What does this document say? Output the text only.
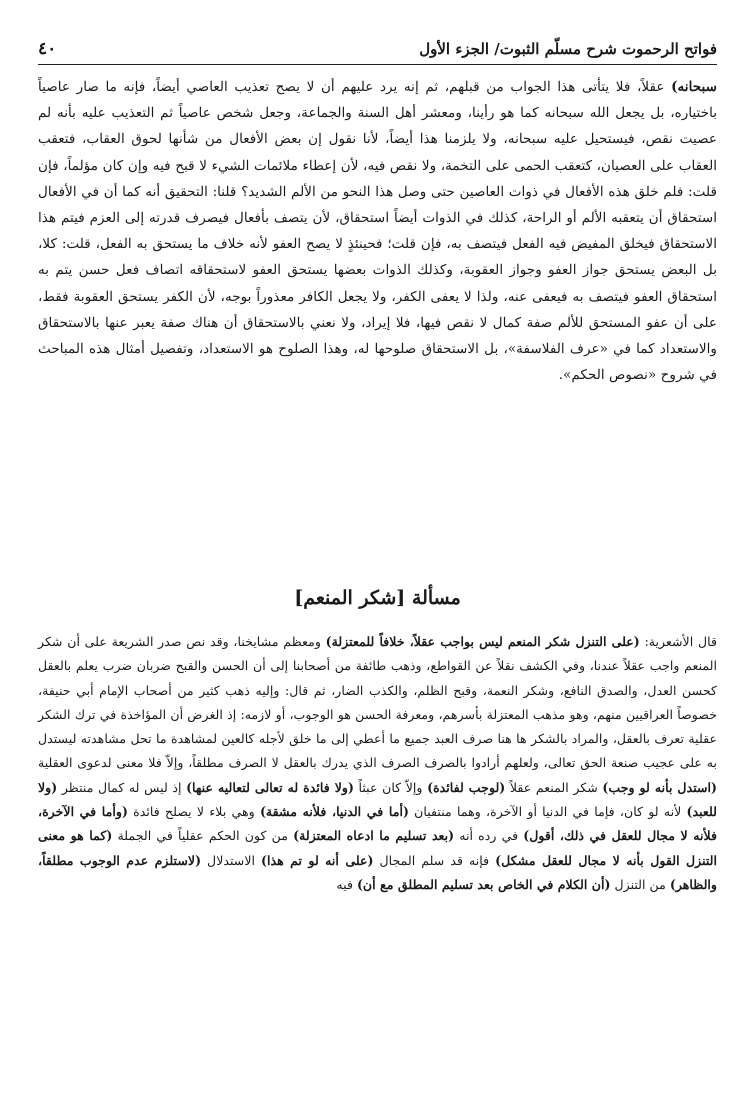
فواتح الرحموت شرح مسلّم الثبوت/ الجزء الأول
٤٠

سبحانه) عقلاً، فلا يتأتى هذا الجواب من قبلهم، ثم إنه يرد عليهم أن لا يصح تعذيب العاصي أيضاً، فإنه ما صار عاصياً باختياره، بل يجعل الله سبحانه كما هو رأينا، ومعشر أهل السنة والجماعة، وجعل شخص عاصياً ثم التعذيب عليه بأنه لم عصيت نقص، فيستحيل عليه سبحانه، ولا يلزمنا هذا أيضاً، لأنا نقول إن بعض الأفعال من شأنها لحوق العقاب، فتعقب العقاب على العصيان، كتعقب الحمى على التخمة، ولا نقص فيه، لأن إعطاء ملائمات الشيء لا قبح فيه وإن كان مؤلماً، فإن قلت: فلم خلق هذه الأفعال في ذوات العاصين حتى وصل هذا النحو من الألم الشديد؟ قلنا: التحقيق أنه كما أن في الأفعال استحقاق أن يتعقبه الألم أو الراحة، كذلك في الذوات أيضاً استحقاق، لأن يتصف بأفعال فيصرف قدرته إلى العزم فيتم هذا الاستحقاق فيخلق المفيض فيه الفعل فيتصف به، فإن قلت؛ فحينئذٍ لا يصح العفو لأنه خلاف ما يستحق به الفعل، قلت: كلا، بل البعض يستحق جواز العفو وجواز العقوبة، وكذلك الذوات بعضها يستحق العفو لاستحقاقه اتصاف فعل حسن يتم به استحقاق العفو فيتصف به فيعفى عنه، ولذا لا يعفى الكفر، ولا يجعل الكافر معذوراً بوجه، لأن الكفر يستحق العقوبة فقط، على أن عفو المستحق للألم صفة كمال لا نقص فيها، فلا إيراد، ولا نعني بالاستحقاق أن هناك صفة يعبر عنها بالاستحقاق والاستعداد كما في «عرف الفلاسفة»، بل الاستحقاق صلوحها له، وهذا الصلوح هو الاستعداد، وتفصيل أمثال هذه المباحث في شروح «نصوص الحكم».

مسألة [شكر المنعم]

قال الأشعرية: (على التنزل شكر المنعم ليس بواجب عقلاً، خلافاً للمعتزلة) ومعظم مشايخنا، وقد نص صدر الشريعة على أن شكر المنعم واجب عقلاً عندنا، وفي الكشف نقلاً عن القواطع، وذهب طائفة من أصحابنا إلى أن الحسن والقبح ضربان ضرب يعلم بالعقل كحسن العدل، والصدق النافع، وشكر النعمة، وقبح الظلم، والكذب الضار، ثم قال: وإليه ذهب كثير من أصحاب الإمام أبي حنيفة، خصوصاً العراقيين منهم، وهو مذهب المعتزلة بأسرهم، ومعرفة الحسن هو الوجوب، أو لازمه: إذ الغرض أن المؤاخذة في ترك الشكر عقلية تعرف بالعقل، والمراد بالشكر ها هنا صرف العبد جميع ما أعطي إلى ما خلق لأجله كالعين لمشاهدة ما تحل مشاهدته ليستدل به على عجيب صنعة الحق تعالى، ولعلهم أرادوا بالصرف الصرف الذي يدرك بالعقل لا الصرف مطلقاً، وإلاّ فلا معنى لدعوى العقلية (استدل بأنه لو وجب) شكر المنعم عقلاً (لوجب لفائدة) وإلاّ كان عبثاً (ولا فائدة له تعالى لتعاليه عنها) إذ ليس له كمال منتظر (ولا للعبد) لأنه لو كان، فإما في الدنيا أو الآخرة، وهما منتفيان (أما في الدنيا، فلأنه مشقة) وهي بلاء لا يصلح فائدة (وأما في الآخرة، فلأنه لا مجال للعقل في ذلك، أقول) في رده أنه (بعد تسليم ما ادعاه المعتزلة) من كون الحكم عقلياً في الجملة (كما هو معنى التنزل القول بأنه لا مجال للعقل مشكل) فإنه قد سلم المجال (على أنه لو تم هذا) الاستدلال (لاستلزم عدم الوجوب مطلقاً، والظاهر) من التنزل (أن الكلام في الخاص بعد تسليم المطلق مع أن) فيه
